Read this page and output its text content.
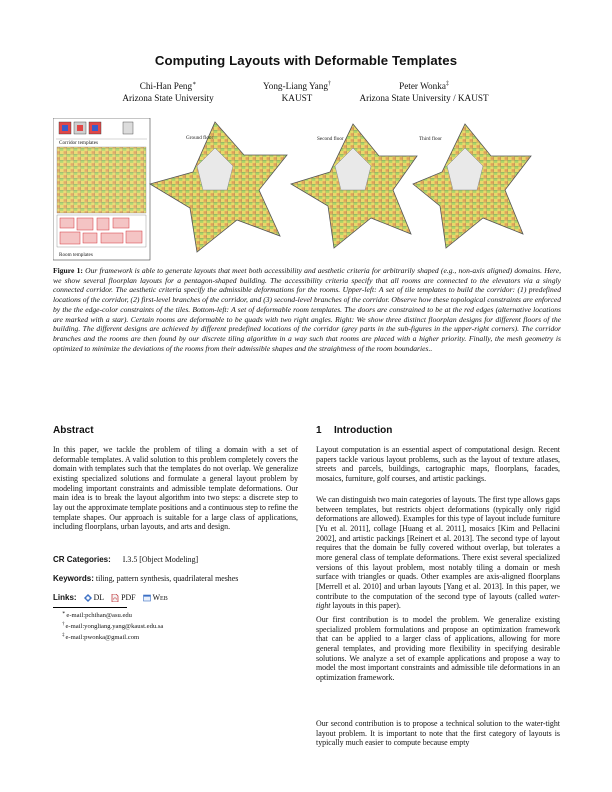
Computing Layouts with Deformable Templates
Chi-Han Peng∗
Arizona State University
Yong-Liang Yang†
KAUST
Peter Wonka‡
Arizona State University / KAUST
Corridor templates
Room templates
Ground floor	Second floor	Third floor
Figure 1: Our framework is able to generate layouts that meet both accessibility and aesthetic criteria for arbitrarily shaped (e.g., non-axis aligned) domains. Here, we show several floorplan layouts for a pentagon-shaped building. The accessibility criteria specify that all rooms are connected to the elevators via a singly connected corridor. The aesthetic criteria specify the admissible deformations for the rooms. Upper-left: A set of tile templates to build the corridor: (1) predefined locations of the corridor, (2) first-level branches of the corridor, and (3) second-level branches of the corridor. Observe how these topological constraints are enforced by the the edge-color constraints of the tiles. Bottom-left: A set of deformable room templates. The doors are constrained to be at the red edges (alternative locations are marked with a star). Certain rooms are deformable to be quads with two right angles. Right: We show three distinct floorplan designs for different floors of the building. The different designs are achieved by different predefined locations of the corridor (grey parts in the sub-figures in the upper-right corners). The corridor branches and the rooms are then found by our discrete tiling algorithm in a way such that rooms are placed with a higher priority. Finally, the mesh geometry is optimized to minimize the deviations of the rooms from their admissible shapes and the straightness of the room boundaries..
Abstract

In this paper, we tackle the problem of tiling a domain with a set of deformable templates. A valid solution to this problem completely covers the domain with templates such that the templates do not overlap. We generalize existing specialized solutions and formulate a general layout problem by modeling important constraints and admissible template deformations. Our main idea is to break the layout algorithm into two steps: a discrete step to lay out the approximate template positions and a continuous step to refine the template shapes. Our approach is suitable for a large class of applications, including floorplans, urban layouts, and arts and design.

CR Categories: I.3.5 [Object Modeling]
Keywords: tiling, pattern synthesis, quadrilateral meshes
Links: DL PDF Web
∗e-mail:pchihan@asu.edu
†e-mail:yongliang.yang@kaust.edu.sa
‡e-mail:pwonka@gmail.com
1 Introduction

Layout computation is an essential aspect of computational design. Recent papers tackle various layout problems, such as the layout of texture atlases, streets and parcels, buildings, cartographic maps, floorplans, facades, mosaics, furniture, golf courses, and artistic packings.

We can distinguish two main categories of layouts. The first type allows gaps between templates, but restricts object deformations (typically only rigid deformations are allowed). Examples for this type of layout include furniture [Yu et al. 2011], collage [Huang et al. 2011], mosaics [Kim and Pellacini 2002], and artistic packings [Reinert et al. 2013]. The second type of layout requires that the domain be fully covered without overlap, but tolerates a more general class of template deformations. There exist several specialized versions of this layout problem, most notably tiling a domain or mesh surface with triangles or quads. Other examples are axis-aligned floorplans [Merrell et al. 2010] and urban layouts [Yang et al. 2013]. In this paper, we contribute to the computation of the second type of layouts (called water-tight layouts in this paper).

Our first contribution is to model the problem. We generalize existing specialized problem formulations and propose an optimization framework that can be applied to a larger class of applications, allowing for more general templates, and providing more flexibility in specifying desirable solutions. We analyze a set of example applications and propose a way to model the most important constraints and admissible tile deformations in an optimization framework.

Our second contribution is to propose a technical solution to the water-tight layout problem. It is important to note that the first category of layouts is typically much easier to compute because empty
